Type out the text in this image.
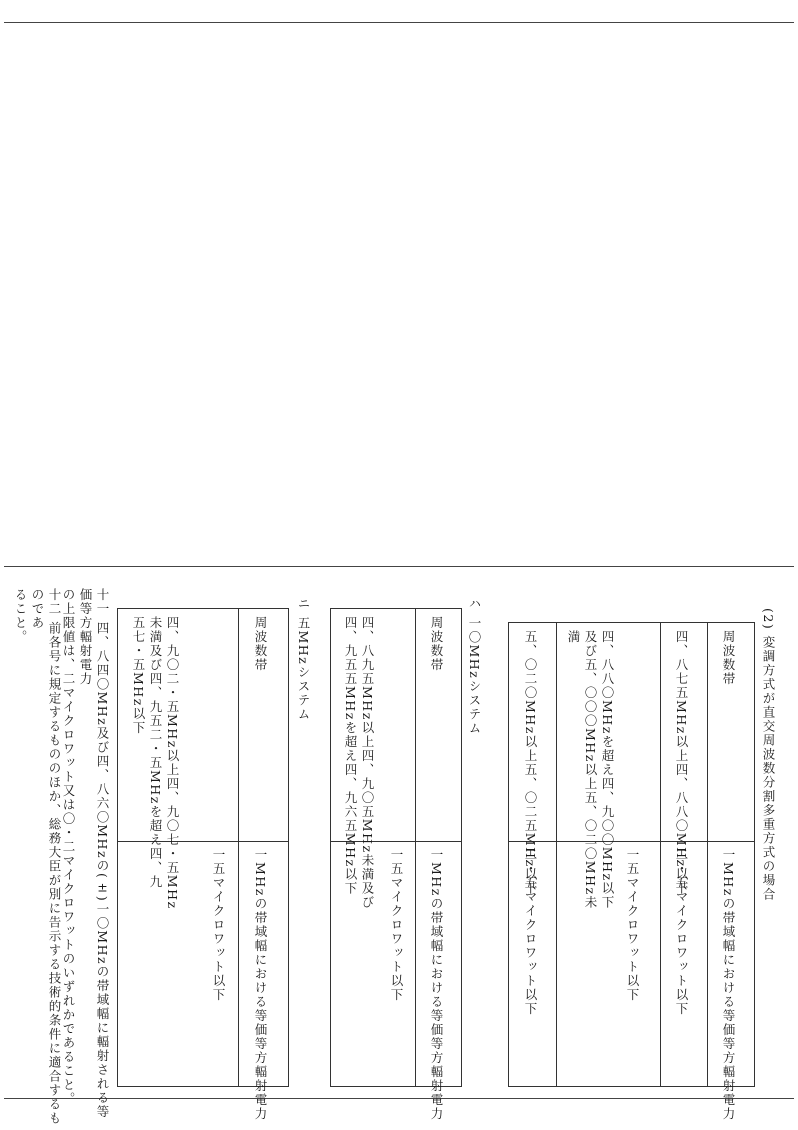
(2) 変調方式が直交周波数分割多重方式の場合
周波数帯
一MHzの帯域幅における等価等方輻射電力
四、八七五MHz以上四、八八〇MHz以下
二・五マイクロワット以下
四、八八〇MHzを超え四、九〇〇MHz以下
及び五、〇〇〇MHz以上五、〇二〇MHz未
満
一五マイクロワット以下
五、〇二〇MHz以上五、〇二五MHz以下
二・五マイクロワット以下
ハ 一〇MHzシステム
周波数帯
一MHzの帯域幅における等価等方輻射電力
四、八九五MHz以上四、九〇五MHz未満及び
四、九五五MHzを超え四、九六五MHz以下
一五マイクロワット以下
ニ 五MHzシステム
周波数帯
一MHzの帯域幅における等価等方輻射電力
四、九〇二・五MHz以上四、九〇七・五MHz
未満及び四、九五二・五MHzを超え四、九
五七・五MHz以下
一五マイクロワット以下
十一 四、八四〇MHz及び四、八六〇MHzの(±)一〇MHzの帯域幅に輻射される等価等方輻射電力
の上限値は、二マイクロワット又は〇・二マイクロワットのいずれかであること。
十二 前各号に規定するもののほか、総務大臣が別に告示する技術的条件に適合するものであ
ること。
